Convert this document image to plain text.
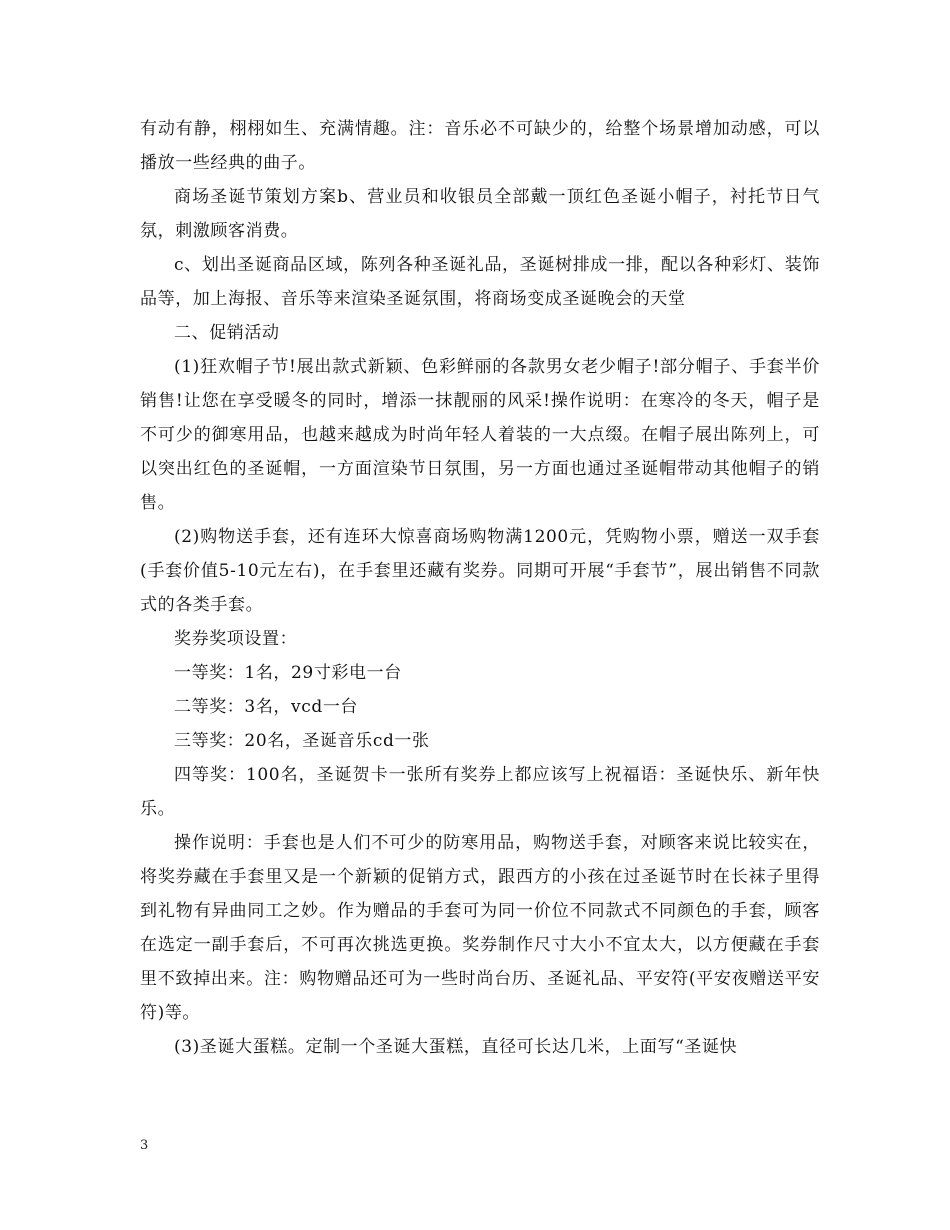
有动有静，栩栩如生、充满情趣。注：音乐必不可缺少的，给整个场景增加动感，可以播放一些经典的曲子。

商场圣诞节策划方案b、营业员和收银员全部戴一顶红色圣诞小帽子，衬托节日气氛，刺激顾客消费。

c、划出圣诞商品区域，陈列各种圣诞礼品，圣诞树排成一排，配以各种彩灯、装饰品等，加上海报、音乐等来渲染圣诞氛围，将商场变成圣诞晚会的天堂

二、促销活动

(1)狂欢帽子节!展出款式新颖、色彩鲜丽的各款男女老少帽子!部分帽子、手套半价销售!让您在享受暖冬的同时，增添一抹靓丽的风采!操作说明：在寒冷的冬天，帽子是不可少的御寒用品，也越来越成为时尚年轻人着装的一大点缀。在帽子展出陈列上，可以突出红色的圣诞帽，一方面渲染节日氛围，另一方面也通过圣诞帽带动其他帽子的销售。

(2)购物送手套，还有连环大惊喜商场购物满1200元，凭购物小票，赠送一双手套(手套价值5-10元左右)，在手套里还藏有奖券。同期可开展“手套节”，展出销售不同款式的各类手套。

奖券奖项设置：

一等奖：1名，29寸彩电一台

二等奖：3名，vcd一台

三等奖：20名，圣诞音乐cd一张

四等奖：100名，圣诞贺卡一张所有奖券上都应该写上祝福语：圣诞快乐、新年快乐。

操作说明：手套也是人们不可少的防寒用品，购物送手套，对顾客来说比较实在，将奖券藏在手套里又是一个新颖的促销方式，跟西方的小孩在过圣诞节时在长袜子里得到礼物有异曲同工之妙。作为赠品的手套可为同一价位不同款式不同颜色的手套，顾客在选定一副手套后，不可再次挑选更换。奖券制作尺寸大小不宜太大，以方便藏在手套里不致掉出来。注：购物赠品还可为一些时尚台历、圣诞礼品、平安符(平安夜赠送平安符)等。

(3)圣诞大蛋糕。定制一个圣诞大蛋糕，直径可长达几米，上面写“圣诞快

3
